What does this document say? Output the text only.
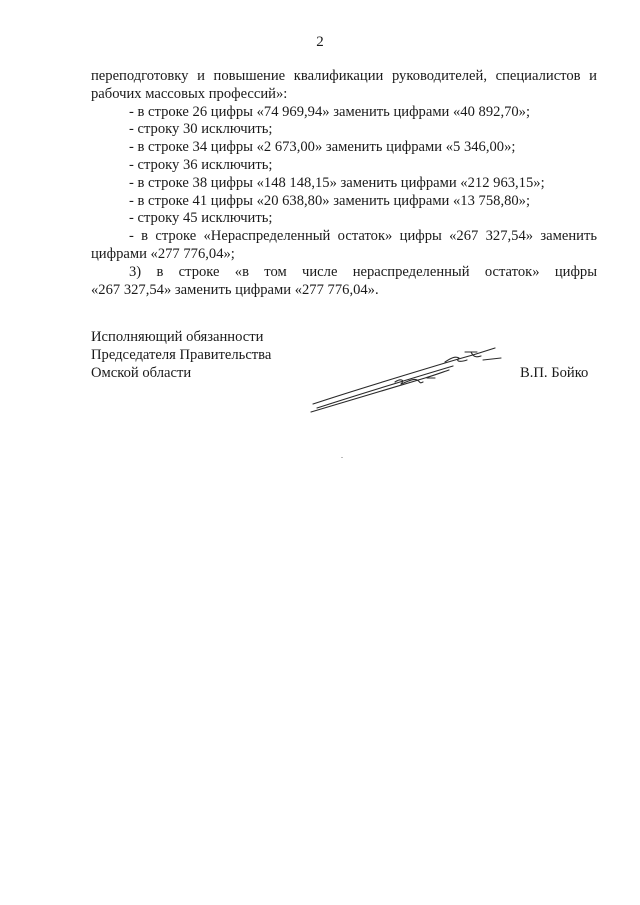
2
переподготовку и повышение квалификации руководителей, специалистов и
рабочих массовых профессий»:
- в строке 26 цифры «74 969,94» заменить цифрами «40 892,70»;
- строку 30 исключить;
- в строке 34 цифры «2 673,00» заменить цифрами «5 346,00»;
- строку 36 исключить;
- в строке 38 цифры «148 148,15» заменить цифрами «212 963,15»;
- в строке 41 цифры «20 638,80» заменить цифрами «13 758,80»;
- строку 45 исключить;
- в строке «Нераспределенный остаток» цифры «267 327,54» заменить
цифрами «277 776,04»;
3) в строке «в том числе нераспределенный остаток» цифры
«267 327,54» заменить цифрами «277 776,04».
Исполняющий обязанности
Председателя Правительства
Омской области	В.П. Бойко
